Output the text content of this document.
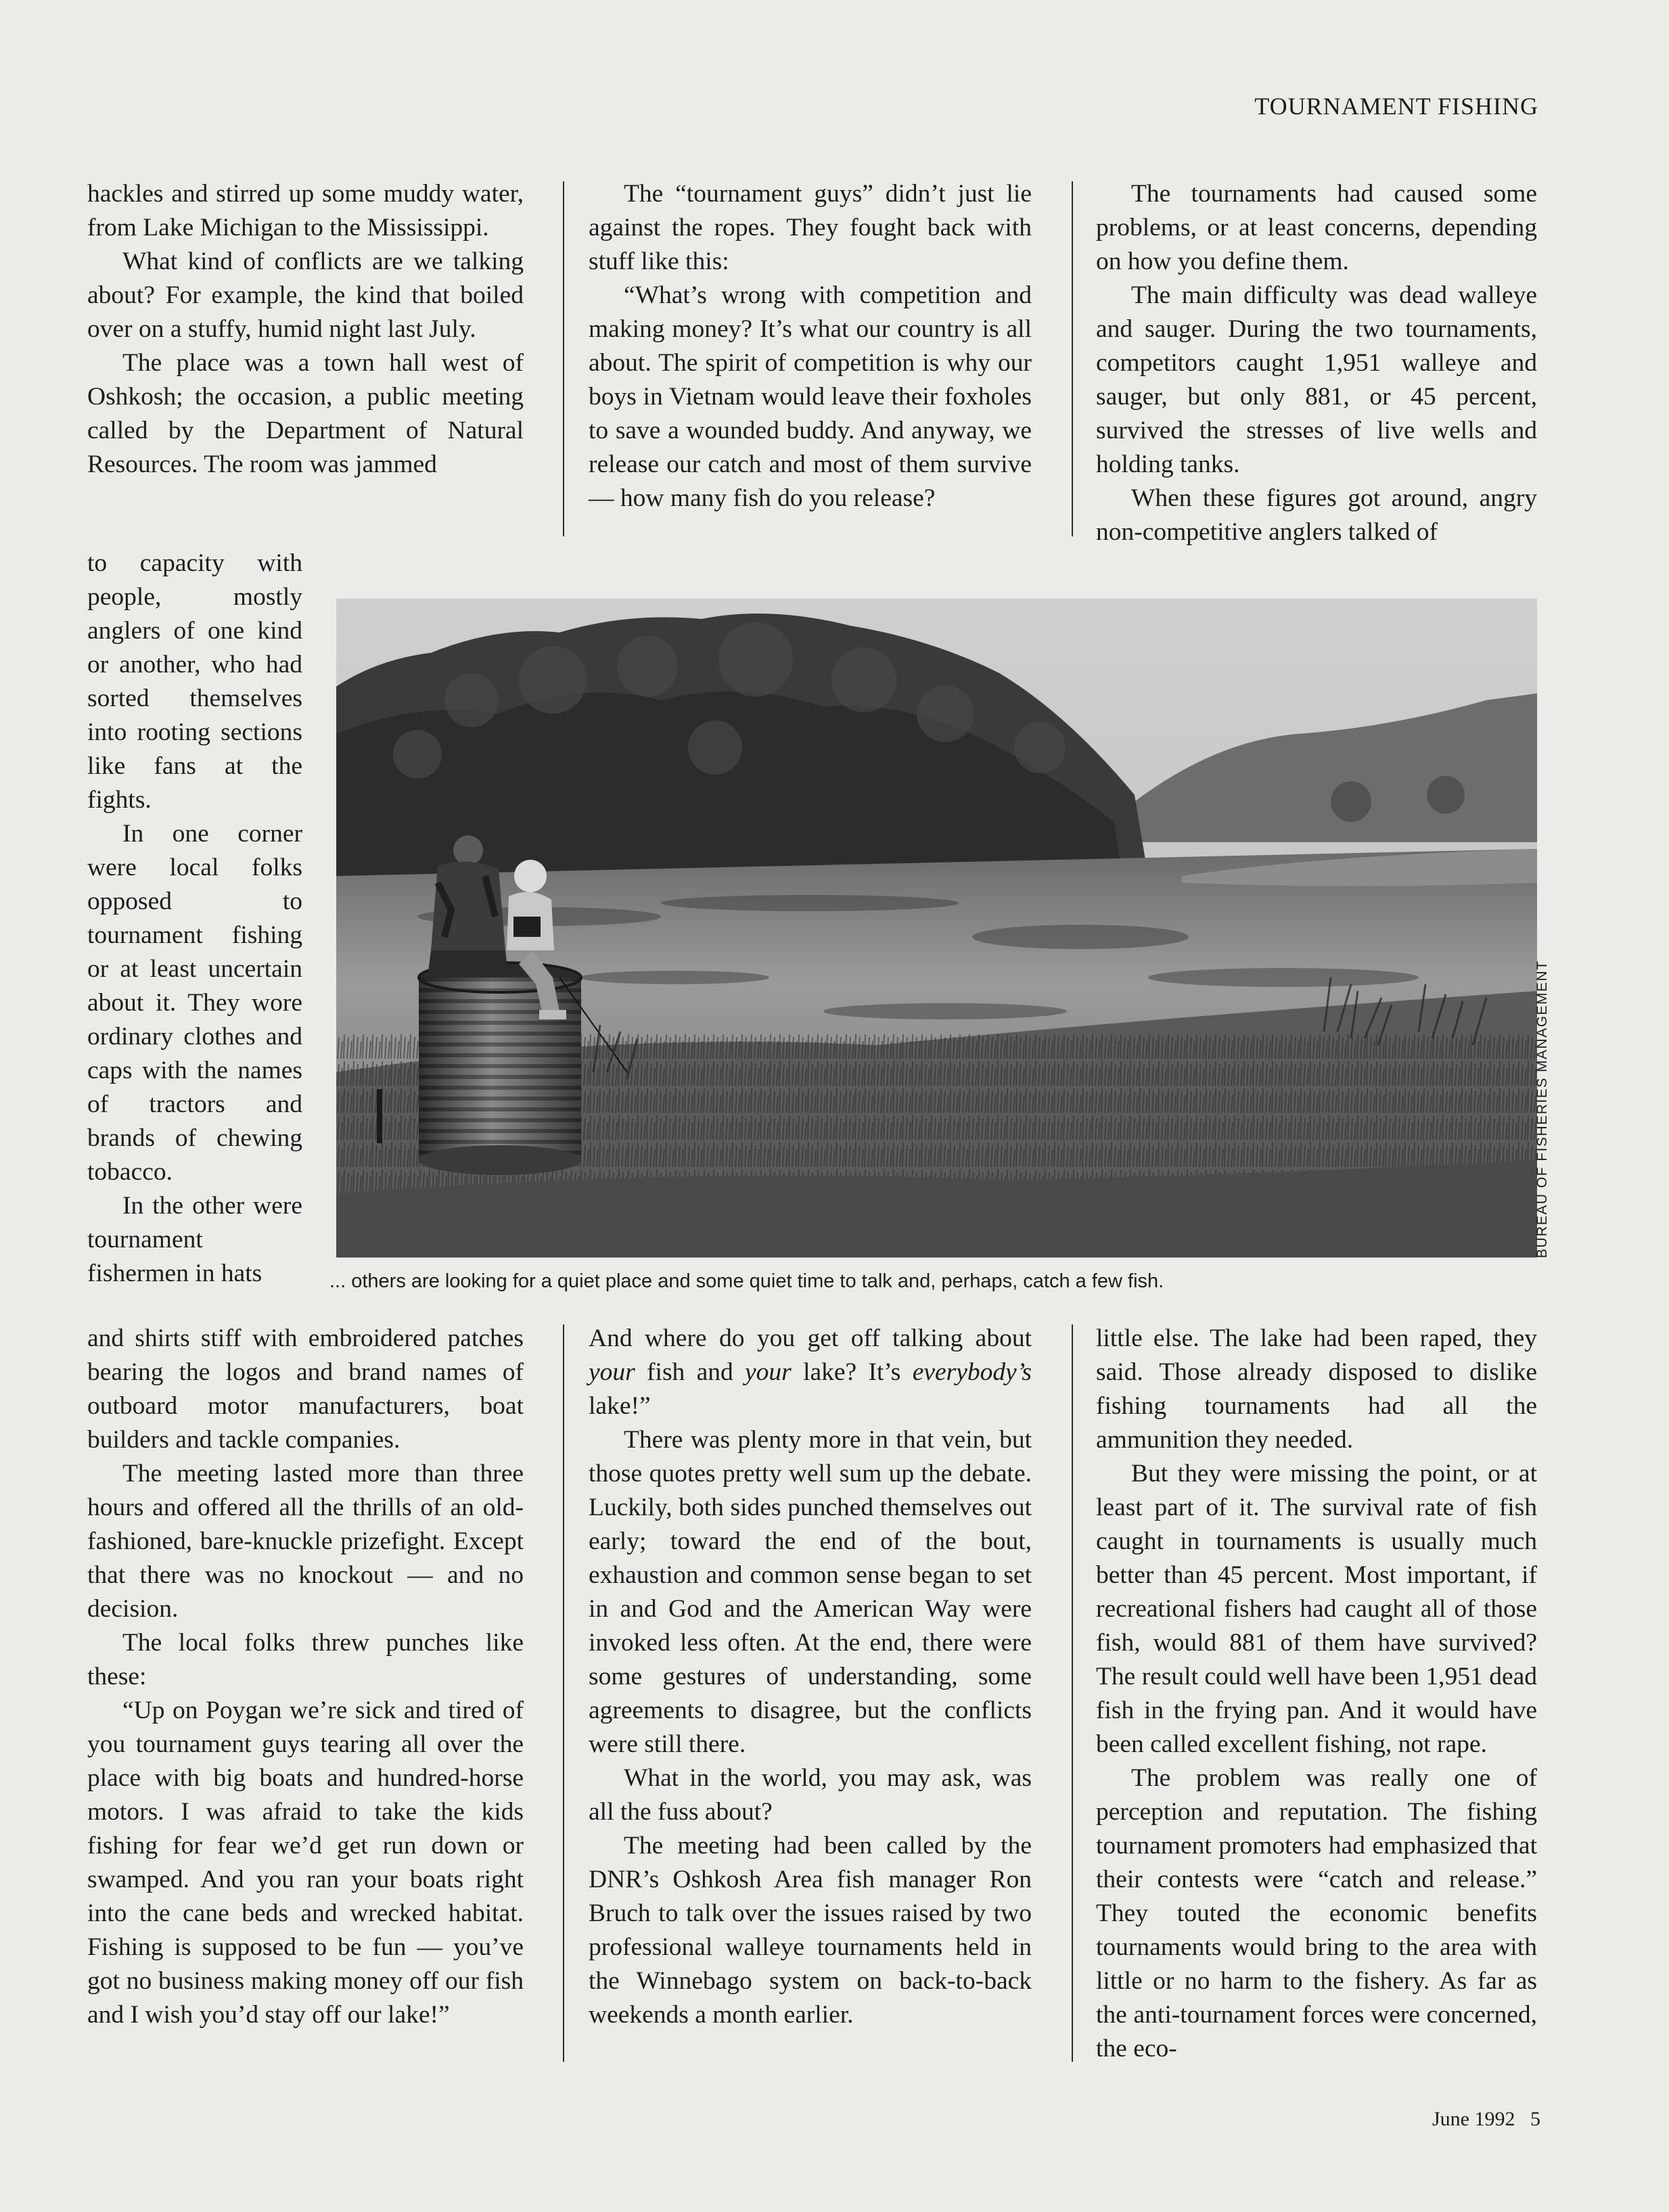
TOURNAMENT FISHING

hackles and stirred up some muddy water, from Lake Michigan to the Mississippi.

What kind of conflicts are we talking about? For example, the kind that boiled over on a stuffy, humid night last July.

The place was a town hall west of Oshkosh; the occasion, a public meeting called by the Department of Natural Resources. The room was jammed

to capacity with people, mostly anglers of one kind or another, who had sorted themselves into rooting sections like fans at the fights.

In one corner were local folks opposed to tournament fishing or at least uncertain about it. They wore ordinary clothes and caps with the names of tractors and brands of chewing tobacco.

In the other were tournament fishermen in hats

The “tournament guys” didn’t just lie against the ropes. They fought back with stuff like this:

“What’s wrong with competition and making money? It’s what our country is all about. The spirit of competition is why our boys in Vietnam would leave their foxholes to save a wounded buddy. And anyway, we release our catch and most of them survive — how many fish do you release?

The tournaments had caused some problems, or at least concerns, depending on how you define them.

The main difficulty was dead walleye and sauger. During the two tournaments, competitors caught 1,951 walleye and sauger, but only 881, or 45 percent, survived the stresses of live wells and holding tanks.

When these figures got around, angry non-competitive anglers talked of

BUREAU OF FISHERIES MANAGEMENT
... others are looking for a quiet place and some quiet time to talk and, perhaps, catch a few fish.

and shirts stiff with embroidered patches bearing the logos and brand names of outboard motor manufacturers, boat builders and tackle companies.

The meeting lasted more than three hours and offered all the thrills of an old-fashioned, bare-knuckle prizefight. Except that there was no knockout — and no decision.

The local folks threw punches like these:

“Up on Poygan we’re sick and tired of you tournament guys tearing all over the place with big boats and hundred-horse motors. I was afraid to take the kids fishing for fear we’d get run down or swamped. And you ran your boats right into the cane beds and wrecked habitat. Fishing is supposed to be fun — you’ve got no business making money off our fish and I wish you’d stay off our lake!”

And where do you get off talking about your fish and your lake? It’s everybody’s lake!”

There was plenty more in that vein, but those quotes pretty well sum up the debate. Luckily, both sides punched themselves out early; toward the end of the bout, exhaustion and common sense began to set in and God and the American Way were invoked less often. At the end, there were some gestures of understanding, some agreements to disagree, but the conflicts were still there.

What in the world, you may ask, was all the fuss about?

The meeting had been called by the DNR’s Oshkosh Area fish manager Ron Bruch to talk over the issues raised by two professional walleye tournaments held in the Winnebago system on back-to-back weekends a month earlier.

little else. The lake had been raped, they said. Those already disposed to dislike fishing tournaments had all the ammunition they needed.

But they were missing the point, or at least part of it. The survival rate of fish caught in tournaments is usually much better than 45 percent. Most important, if recreational fishers had caught all of those fish, would 881 of them have survived? The result could well have been 1,951 dead fish in the frying pan. And it would have been called excellent fishing, not rape.

The problem was really one of perception and reputation. The fishing tournament promoters had emphasized that their contests were “catch and release.” They touted the economic benefits tournaments would bring to the area with little or no harm to the fishery. As far as the anti-tournament forces were concerned, the eco-

June 1992   5
